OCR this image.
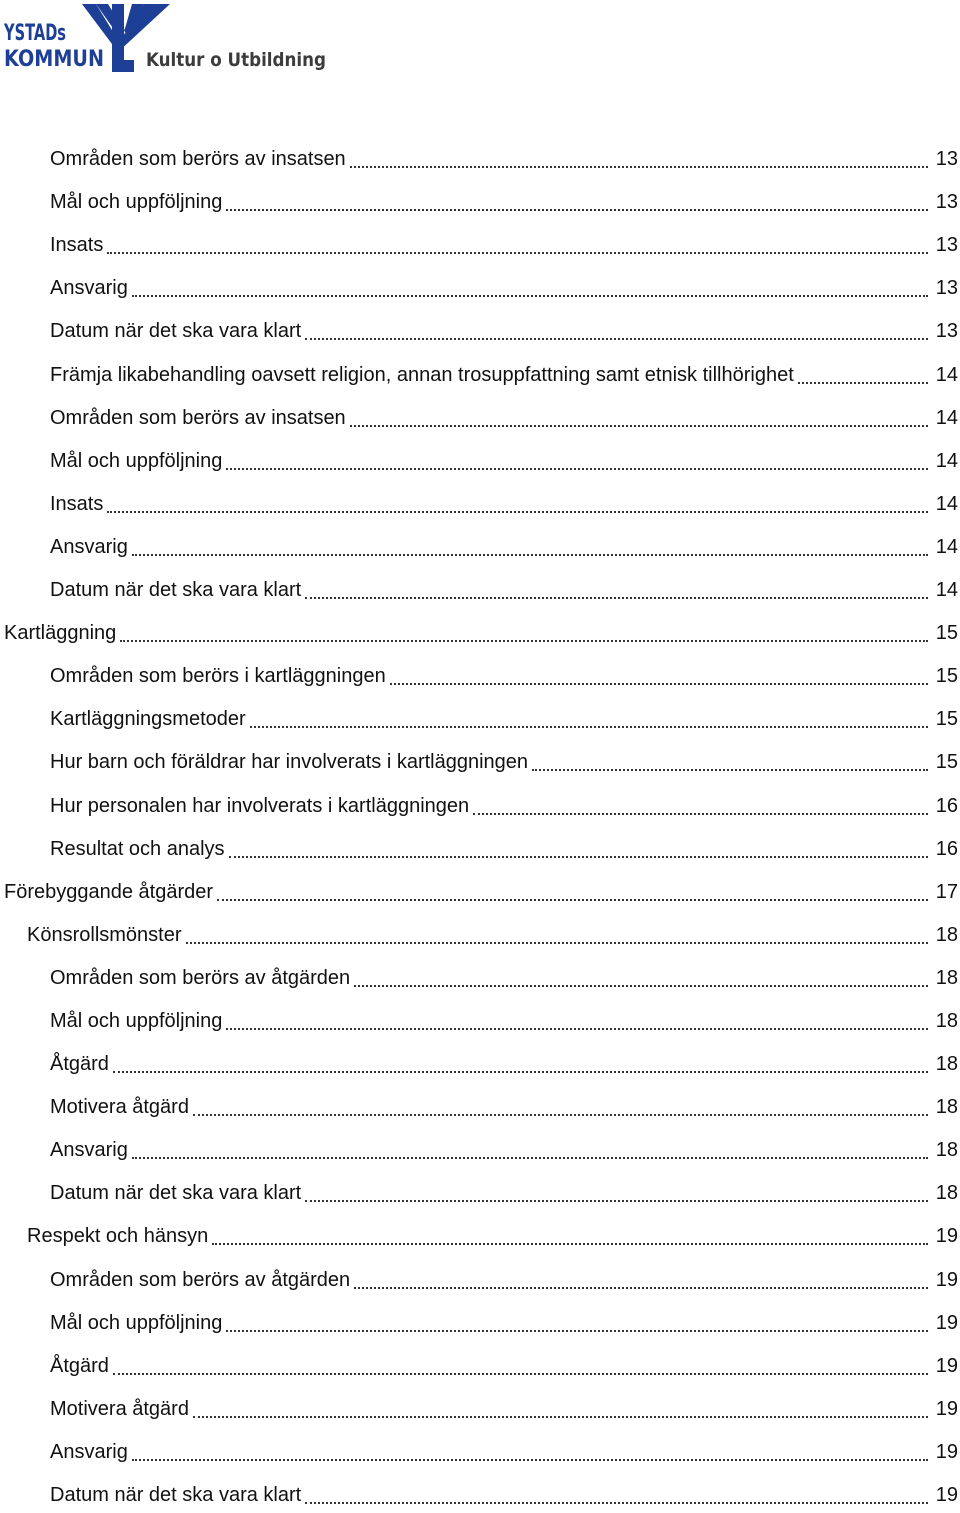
YSTADs
KOMMUN Kultur o Utbildning
Områden som berörs av insatsen	13
Mål och uppföljning	13
Insats	13
Ansvarig	13
Datum när det ska vara klart	13
Främja likabehandling oavsett religion, annan trosuppfattning samt etnisk tillhörighet	14
Områden som berörs av insatsen	14
Mål och uppföljning	14
Insats	14
Ansvarig	14
Datum när det ska vara klart	14
Kartläggning	15
Områden som berörs i kartläggningen	15
Kartläggningsmetoder	15
Hur barn och föräldrar har involverats i kartläggningen	15
Hur personalen har involverats i kartläggningen	16
Resultat och analys	16
Förebyggande åtgärder	17
Könsrollsmönster	18
Områden som berörs av åtgärden	18
Mål och uppföljning	18
Åtgärd	18
Motivera åtgärd	18
Ansvarig	18
Datum när det ska vara klart	18
Respekt och hänsyn	19
Områden som berörs av åtgärden	19
Mål och uppföljning	19
Åtgärd	19
Motivera åtgärd	19
Ansvarig	19
Datum när det ska vara klart	19
